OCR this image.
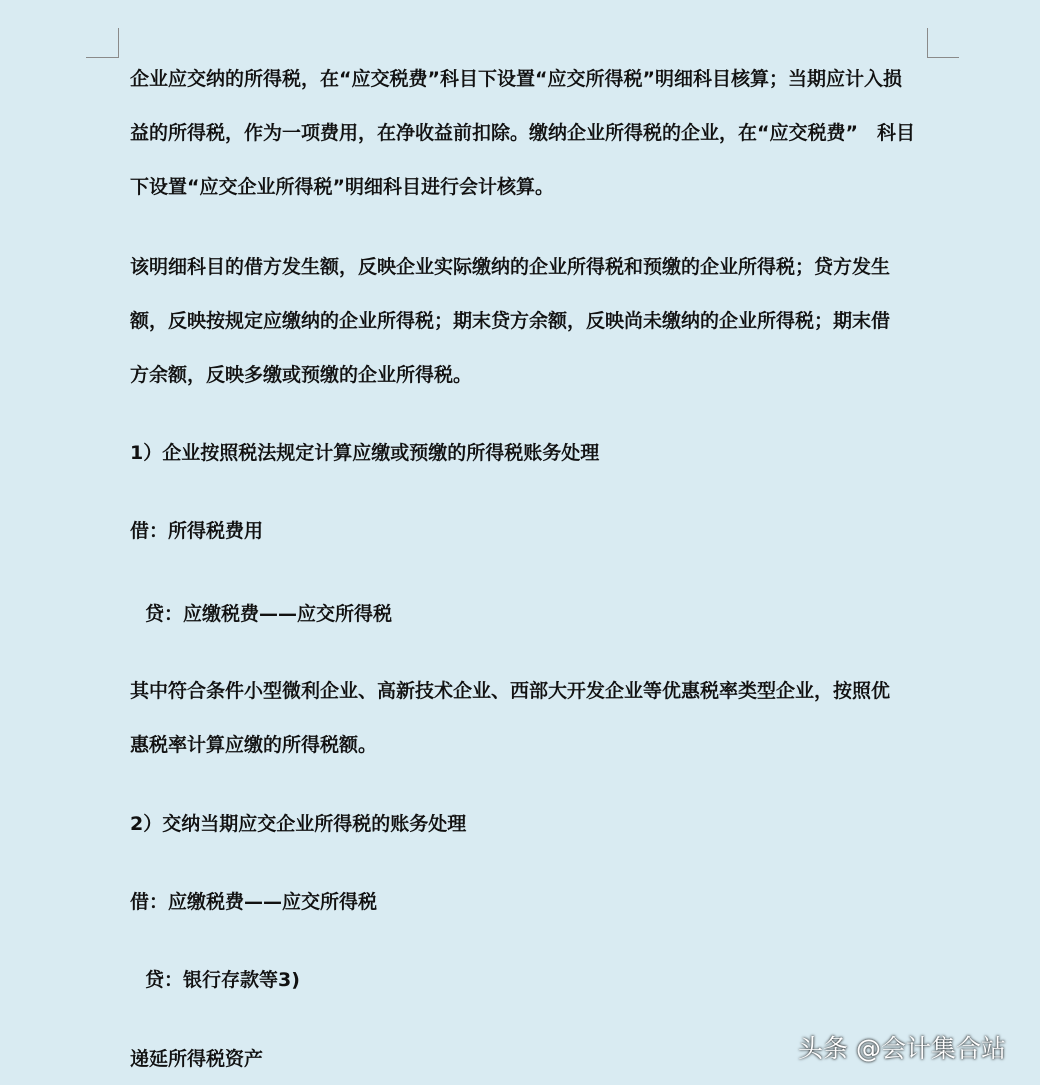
企业应交纳的所得税，在“应交税费”科目下设置“应交所得税”明细科目核算；当期应计入损益的所得税，作为一项费用，在净收益前扣除。缴纳企业所得税的企业，在“应交税费”　科目下设置“应交企业所得税”明细科目进行会计核算。
该明细科目的借方发生额，反映企业实际缴纳的企业所得税和预缴的企业所得税；贷方发生　额，反映按规定应缴纳的企业所得税；期末贷方余额，反映尚未缴纳的企业所得税；期末借　方余额，反映多缴或预缴的企业所得税。
1）企业按照税法规定计算应缴或预缴的所得税账务处理
借：所得税费用
贷：应缴税费——应交所得税
其中符合条件小型微利企业、高新技术企业、西部大开发企业等优惠税率类型企业，按照优　惠税率计算应缴的所得税额。
2）交纳当期应交企业所得税的账务处理
借：应缴税费——应交所得税
贷：银行存款等3)
递延所得税资产	头条 @会计集合站
